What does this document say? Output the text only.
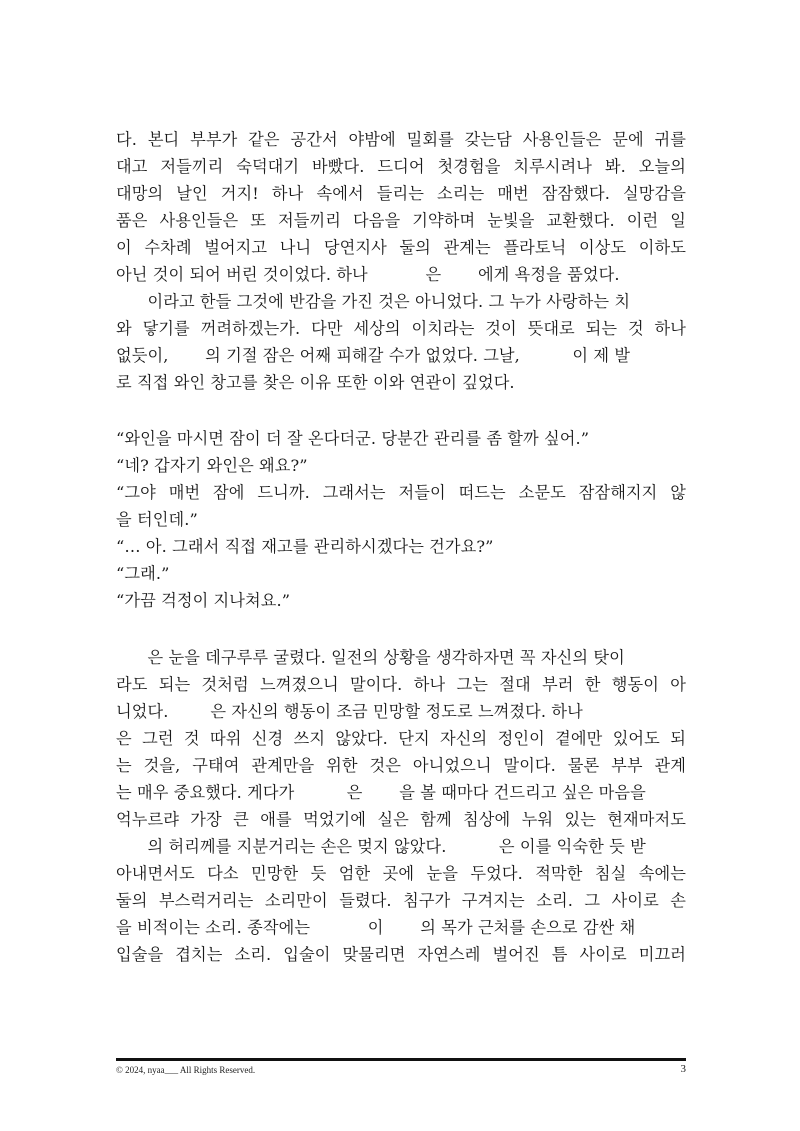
다. 본디 부부가 같은 공간서 야밤에 밀회를 갖는담 사용인들은 문에 귀를
대고 저들끼리 숙덕대기 바빴다. 드디어 첫경험을 치루시려나 봐. 오늘의
대망의 날인 거지! 하나 속에서 들리는 소리는 매번 잠잠했다. 실망감을
품은 사용인들은 또 저들끼리 다음을 기약하며 눈빛을 교환했다. 이런 일
이 수차례 벌어지고 나니 당연지사 둘의 관계는 플라토닉 이상도 이하도
아닌 것이 되어 버린 것이었다. 하나           은       에게 욕정을 품었다.
이라고 한들 그것에 반감을 가진 것은 아니었다. 그 누가 사랑하는 치
와 닿기를 꺼려하겠는가. 다만 세상의 이치라는 것이 뜻대로 되는 것 하나
없듯이,       의 기절 잠은 어째 피해갈 수가 없었다. 그날,          이 제 발
로 직접 와인 창고를 찾은 이유 또한 이와 연관이 깊었다.
“와인을 마시면 잠이 더 잘 온다더군. 당분간 관리를 좀 할까 싶어.”
“네? 갑자기 와인은 왜요?”
“그야 매번 잠에 드니까. 그래서는 저들이 떠드는 소문도 잠잠해지지 않
을 터인데.”
“… 아. 그래서 직접 재고를 관리하시겠다는 건가요?”
“그래.”
“가끔 걱정이 지나쳐요.”
은 눈을 데구루루 굴렸다. 일전의 상황을 생각하자면 꼭 자신의 탓이
라도 되는 것처럼 느껴졌으니 말이다. 하나 그는 절대 부러 한 행동이 아
니었다.        은 자신의 행동이 조금 민망할 정도로 느껴졌다. 하나
은 그런 것 따위 신경 쓰지 않았다. 단지 자신의 정인이 곁에만 있어도 되
는 것을, 구태여 관계만을 위한 것은 아니었으니 말이다. 물론 부부 관계
는 매우 중요했다. 게다가          은       을 볼 때마다 건드리고 싶은 마음을
억누르랴 가장 큰 애를 먹었기에 실은 함께 침상에 누워 있는 현재마저도
의 허리께를 지분거리는 손은 멎지 않았다.          은 이를 익숙한 듯 받
아내면서도 다소 민망한 듯 엄한 곳에 눈을 두었다. 적막한 침실 속에는
둘의 부스럭거리는 소리만이 들렸다. 침구가 구겨지는 소리. 그 사이로 손
을 비적이는 소리. 종작에는           이       의 목가 근처를 손으로 감싼 채
입술을 겹치는 소리. 입술이 맞물리면 자연스레 벌어진 틈 사이로 미끄러
© 2024, nyaa___ All Rights Reserved.	3
